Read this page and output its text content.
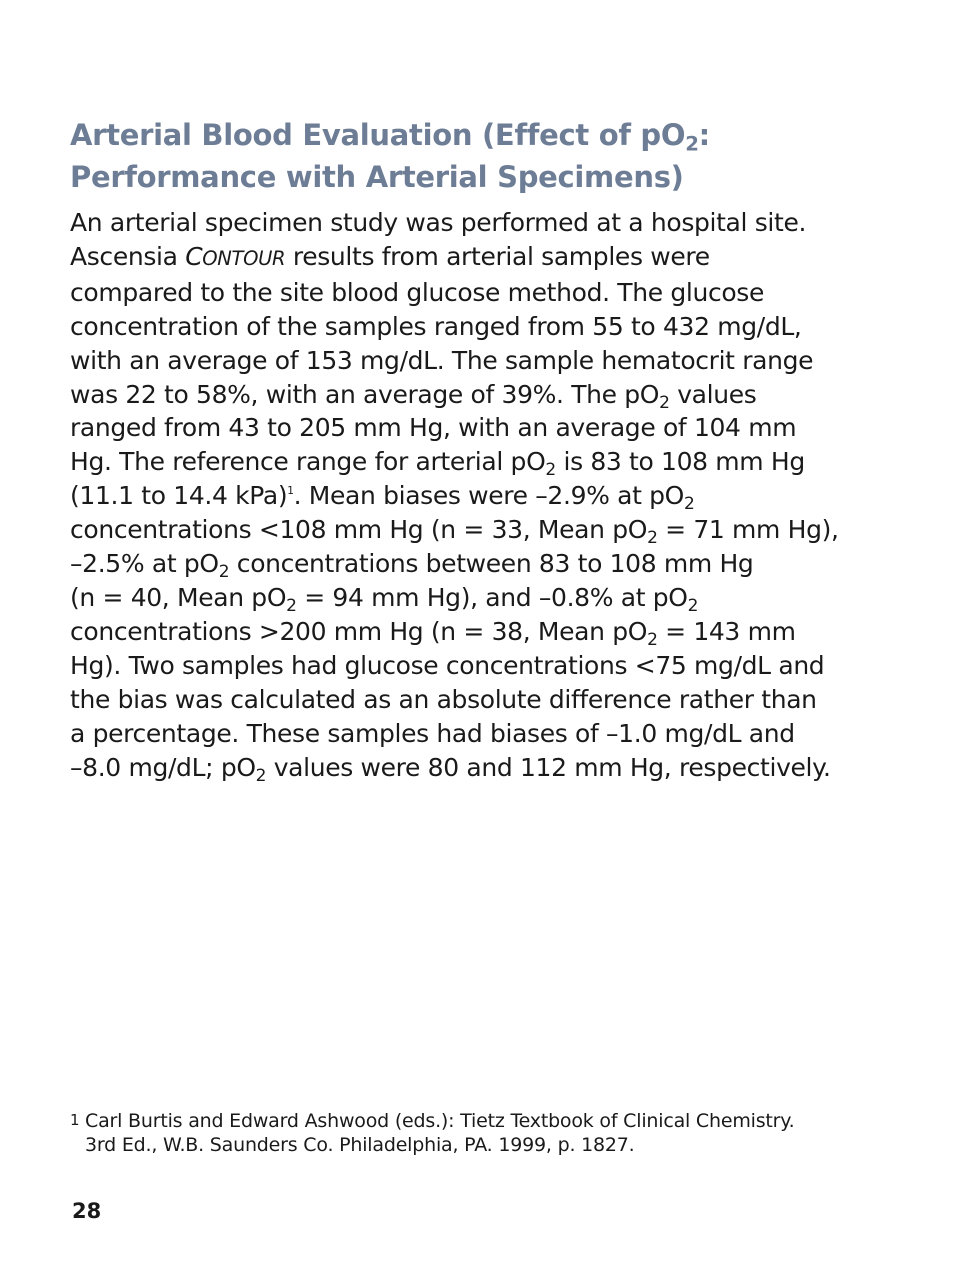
Arterial Blood Evaluation (Effect of $pO_2$:
Performance with Arterial Specimens)

An arterial specimen study was performed at a hospital site.
Ascensia CONTOUR results from arterial samples were
compared to the site blood glucose method. The glucose
concentration of the samples ranged from 55 to 432 mg/dL,
with an average of 153 mg/dL. The sample hematocrit range
was 22 to 58%, with an average of 39%. The $pO_2$ values
ranged from 43 to 205 mm Hg, with an average of 104 mm
Hg. The reference range for arterial $pO_2$ is 83 to 108 mm Hg
(11.1 to 14.4 kPa)$^1$. Mean biases were –2.9% at $pO_2$
concentrations <108 mm Hg (n = 33, Mean $pO_2 = 71$ mm Hg),
–2.5% at $pO_2$ concentrations between 83 to 108 mm Hg
(n = 40, Mean $pO_2 = 94$ mm Hg), and –0.8% at $pO_2$
concentrations >200 mm Hg (n = 38, Mean $pO_2 = 143$ mm
Hg). Two samples had glucose concentrations <75 mg/dL and
the bias was calculated as an absolute difference rather than
a percentage. These samples had biases of –1.0 mg/dL and
–8.0 mg/dL; $pO_2$ values were 80 and 112 mm Hg, respectively.

1 Carl Burtis and Edward Ashwood (eds.): Tietz Textbook of Clinical Chemistry.
3rd Ed., W.B. Saunders Co. Philadelphia, PA. 1999, p. 1827.
28
